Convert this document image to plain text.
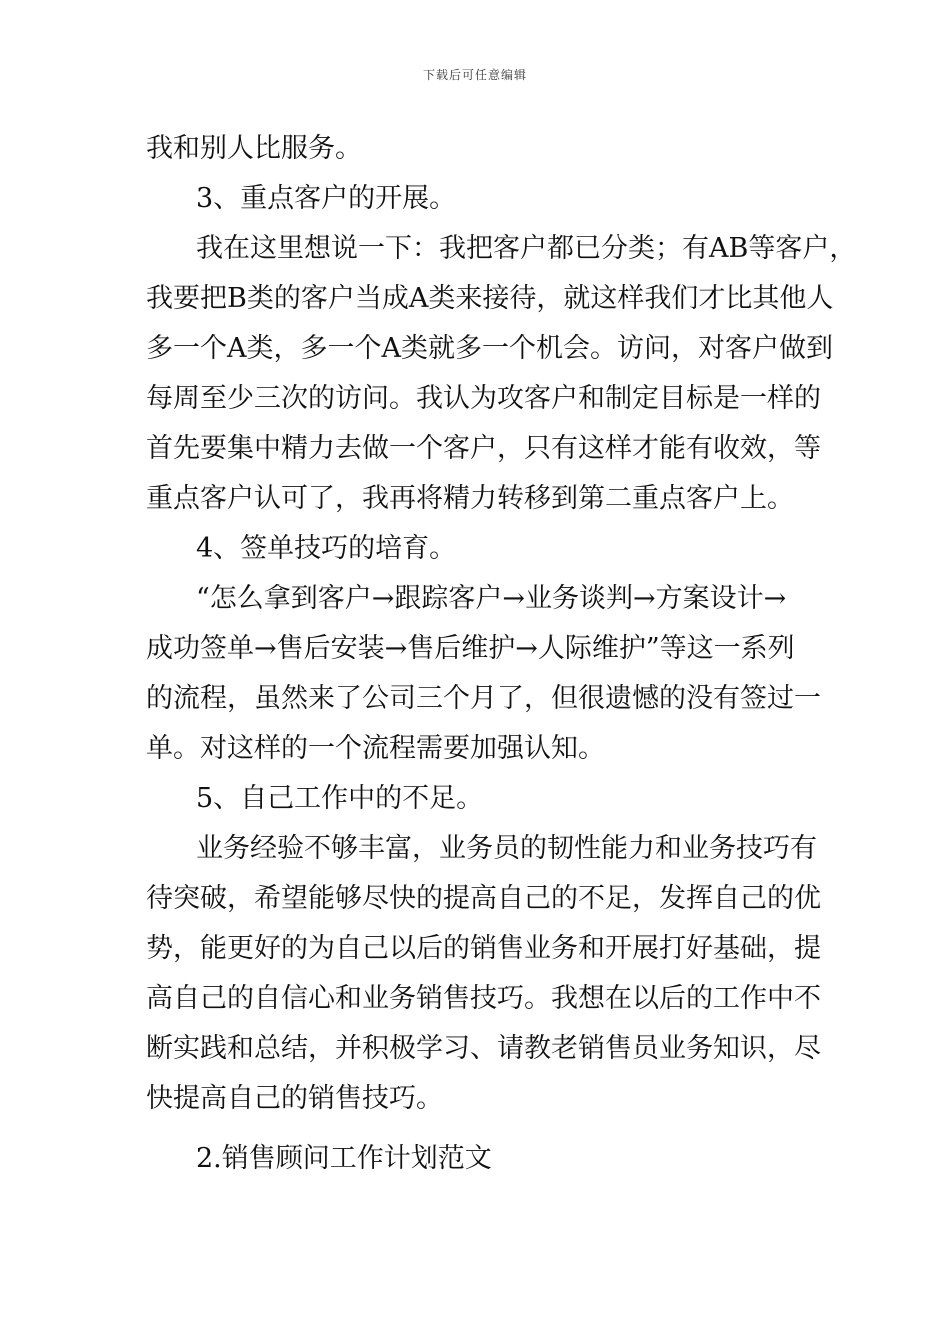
下载后可任意编辑
我和别人比服务。
3、重点客户的开展。
我在这里想说一下：我把客户都已分类；有AB等客户，
我要把B类的客户当成A类来接待，就这样我们才比其他人
多一个A类，多一个A类就多一个机会。访问，对客户做到
每周至少三次的访问。我认为攻客户和制定目标是一样的
首先要集中精力去做一个客户，只有这样才能有收效，等
重点客户认可了，我再将精力转移到第二重点客户上。
4、签单技巧的培育。
“怎么拿到客户→跟踪客户→业务谈判→方案设计→
成功签单→售后安装→售后维护→人际维护”等这一系列
的流程，虽然来了公司三个月了，但很遗憾的没有签过一
单。对这样的一个流程需要加强认知。
5、自己工作中的不足。
业务经验不够丰富，业务员的韧性能力和业务技巧有
待突破，希望能够尽快的提高自己的不足，发挥自己的优
势，能更好的为自己以后的销售业务和开展打好基础，提
高自己的自信心和业务销售技巧。我想在以后的工作中不
断实践和总结，并积极学习、请教老销售员业务知识，尽
快提高自己的销售技巧。
2.销售顾问工作计划范文
